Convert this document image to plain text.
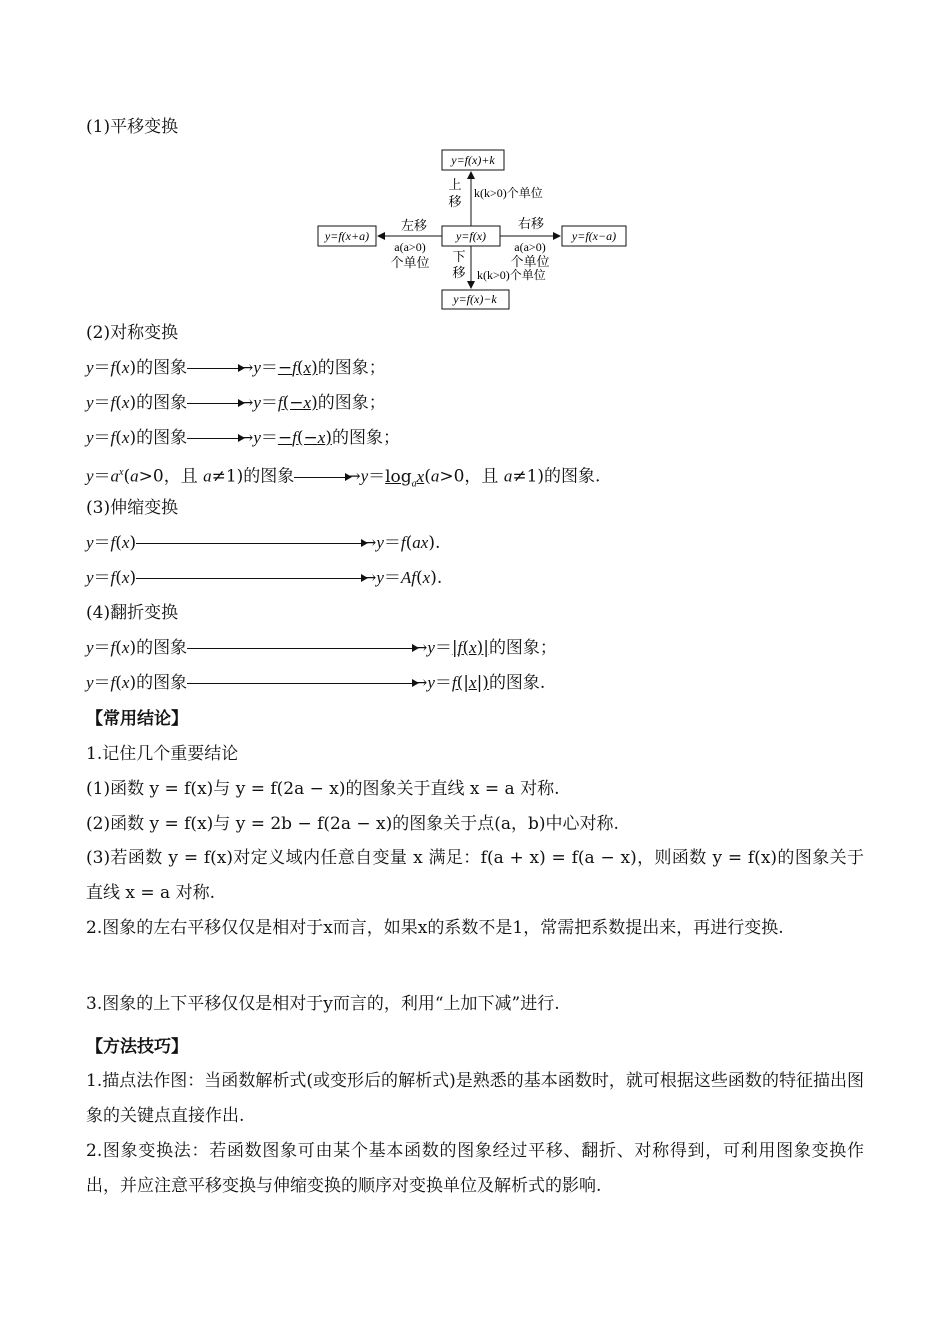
(1)平移变换
y=f(x)+k
y=f(x)
y=f(x)−k
y=f(x+a)	y=f(x−a)
上
移
k(k>0)个单位
下
移 k(k>0)个单位
左移
a(a>0)
个单位
右移
a(a>0)
个单位
(2)对称变换
y＝f(x)的图象	→y＝−f(x)的图象；
y＝f(x)的图象	→y＝f(−x)的图象；
y＝f(x)的图象	→y＝−f(−x)的图象；
$y=a^x(a>0$，且 a≠1)的图象	$\to y=\log_ax(a>0$，且 a≠1)的图象.
(3)伸缩变换
y＝f(x)	→y＝f(ax).
y＝f(x)	→y＝Af(x).
(4)翻折变换
y＝f(x)的图象	→y＝|f(x)|的图象；
y＝f(x)的图象	→y＝f(|x|)的图象.
【常用结论】
1.记住几个重要结论
(1)函数 y = f(x)与 y = f(2a − x)的图象关于直线 x = a 对称.
(2)函数 y = f(x)与 y = 2b − f(2a − x)的图象关于点(a，b)中心对称.
(3)若函数 y = f(x)对定义域内任意自变量 x 满足：f(a + x) = f(a − x)，则函数 y = f(x)的图象关于直线 x = a 对称.
2.图象的左右平移仅仅是相对于x而言，如果x的系数不是1，常需把系数提出来，再进行变换.
3.图象的上下平移仅仅是相对于y而言的，利用“上加下减”进行.
【方法技巧】
1.描点法作图：当函数解析式(或变形后的解析式)是熟悉的基本函数时，就可根据这些函数的特征描出图象的关键点直接作出.
2.图象变换法：若函数图象可由某个基本函数的图象经过平移、翻折、对称得到，可利用图象变换作出，并应注意平移变换与伸缩变换的顺序对变换单位及解析式的影响.
